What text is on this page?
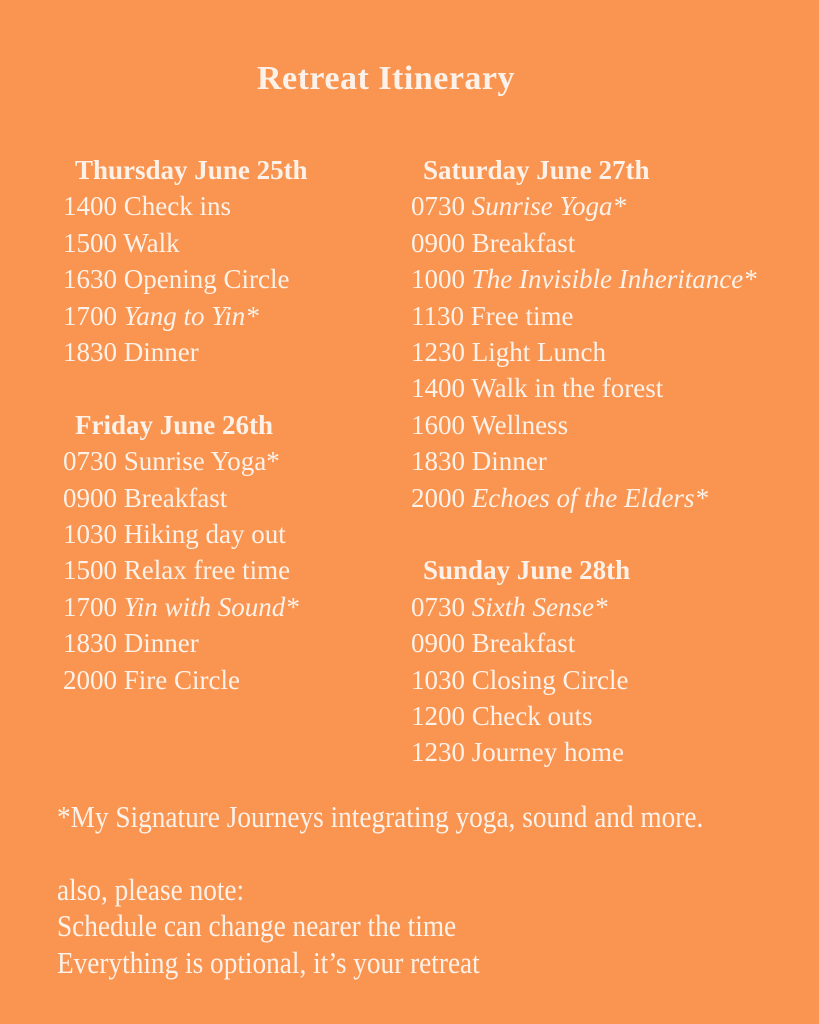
Retreat Itinerary
Thursday June 25th
1400 Check ins
1500 Walk
1630 Opening Circle
1700 Yang to Yin*
1830 Dinner
Friday June 26th
0730 Sunrise Yoga*
0900 Breakfast
1030 Hiking day out
1500 Relax free time
1700 Yin with Sound*
1830 Dinner
2000 Fire Circle
Saturday June 27th
0730 Sunrise Yoga*
0900 Breakfast
1000 The Invisible Inheritance*
1130 Free time
1230 Light Lunch
1400 Walk in the forest
1600 Wellness
1830 Dinner
2000 Echoes of the Elders*
Sunday June 28th
0730 Sixth Sense*
0900 Breakfast
1030 Closing Circle
1200 Check outs
1230 Journey home

*My Signature Journeys integrating yoga, sound and more.

also, please note:

Schedule can change nearer the time

Everything is optional, it’s your retreat
